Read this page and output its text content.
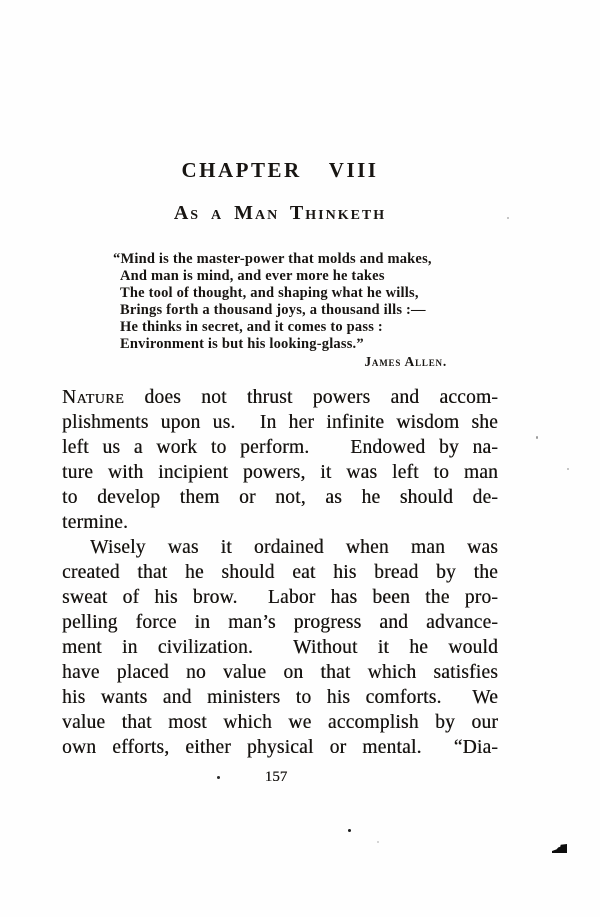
CHAPTER  VIII
As a Man Thinketh
“Mind is the master-power that molds and makes,
And man is mind, and ever more he takes
The tool of thought, and shaping what he wills,
Brings forth a thousand joys, a thousand ills :—
He thinks in secret, and it comes to pass :
Environment is but his looking-glass.”
James Allen.
Nature does not thrust powers and accom-
plishments upon us.  In her infinite wisdom she
left us a work to perform.   Endowed by na-
ture with incipient powers, it was left to man
to develop them or not, as he should de-
termine.
Wisely was it ordained when man was
created that he should eat his bread by the
sweat of his brow.  Labor has been the pro-
pelling force in man’s progress and advance-
ment in civilization.  Without it he would
have placed no value on that which satisfies
his wants and ministers to his comforts.  We
value that most which we accomplish by our
own efforts, either physical or mental.  “Dia-
157
